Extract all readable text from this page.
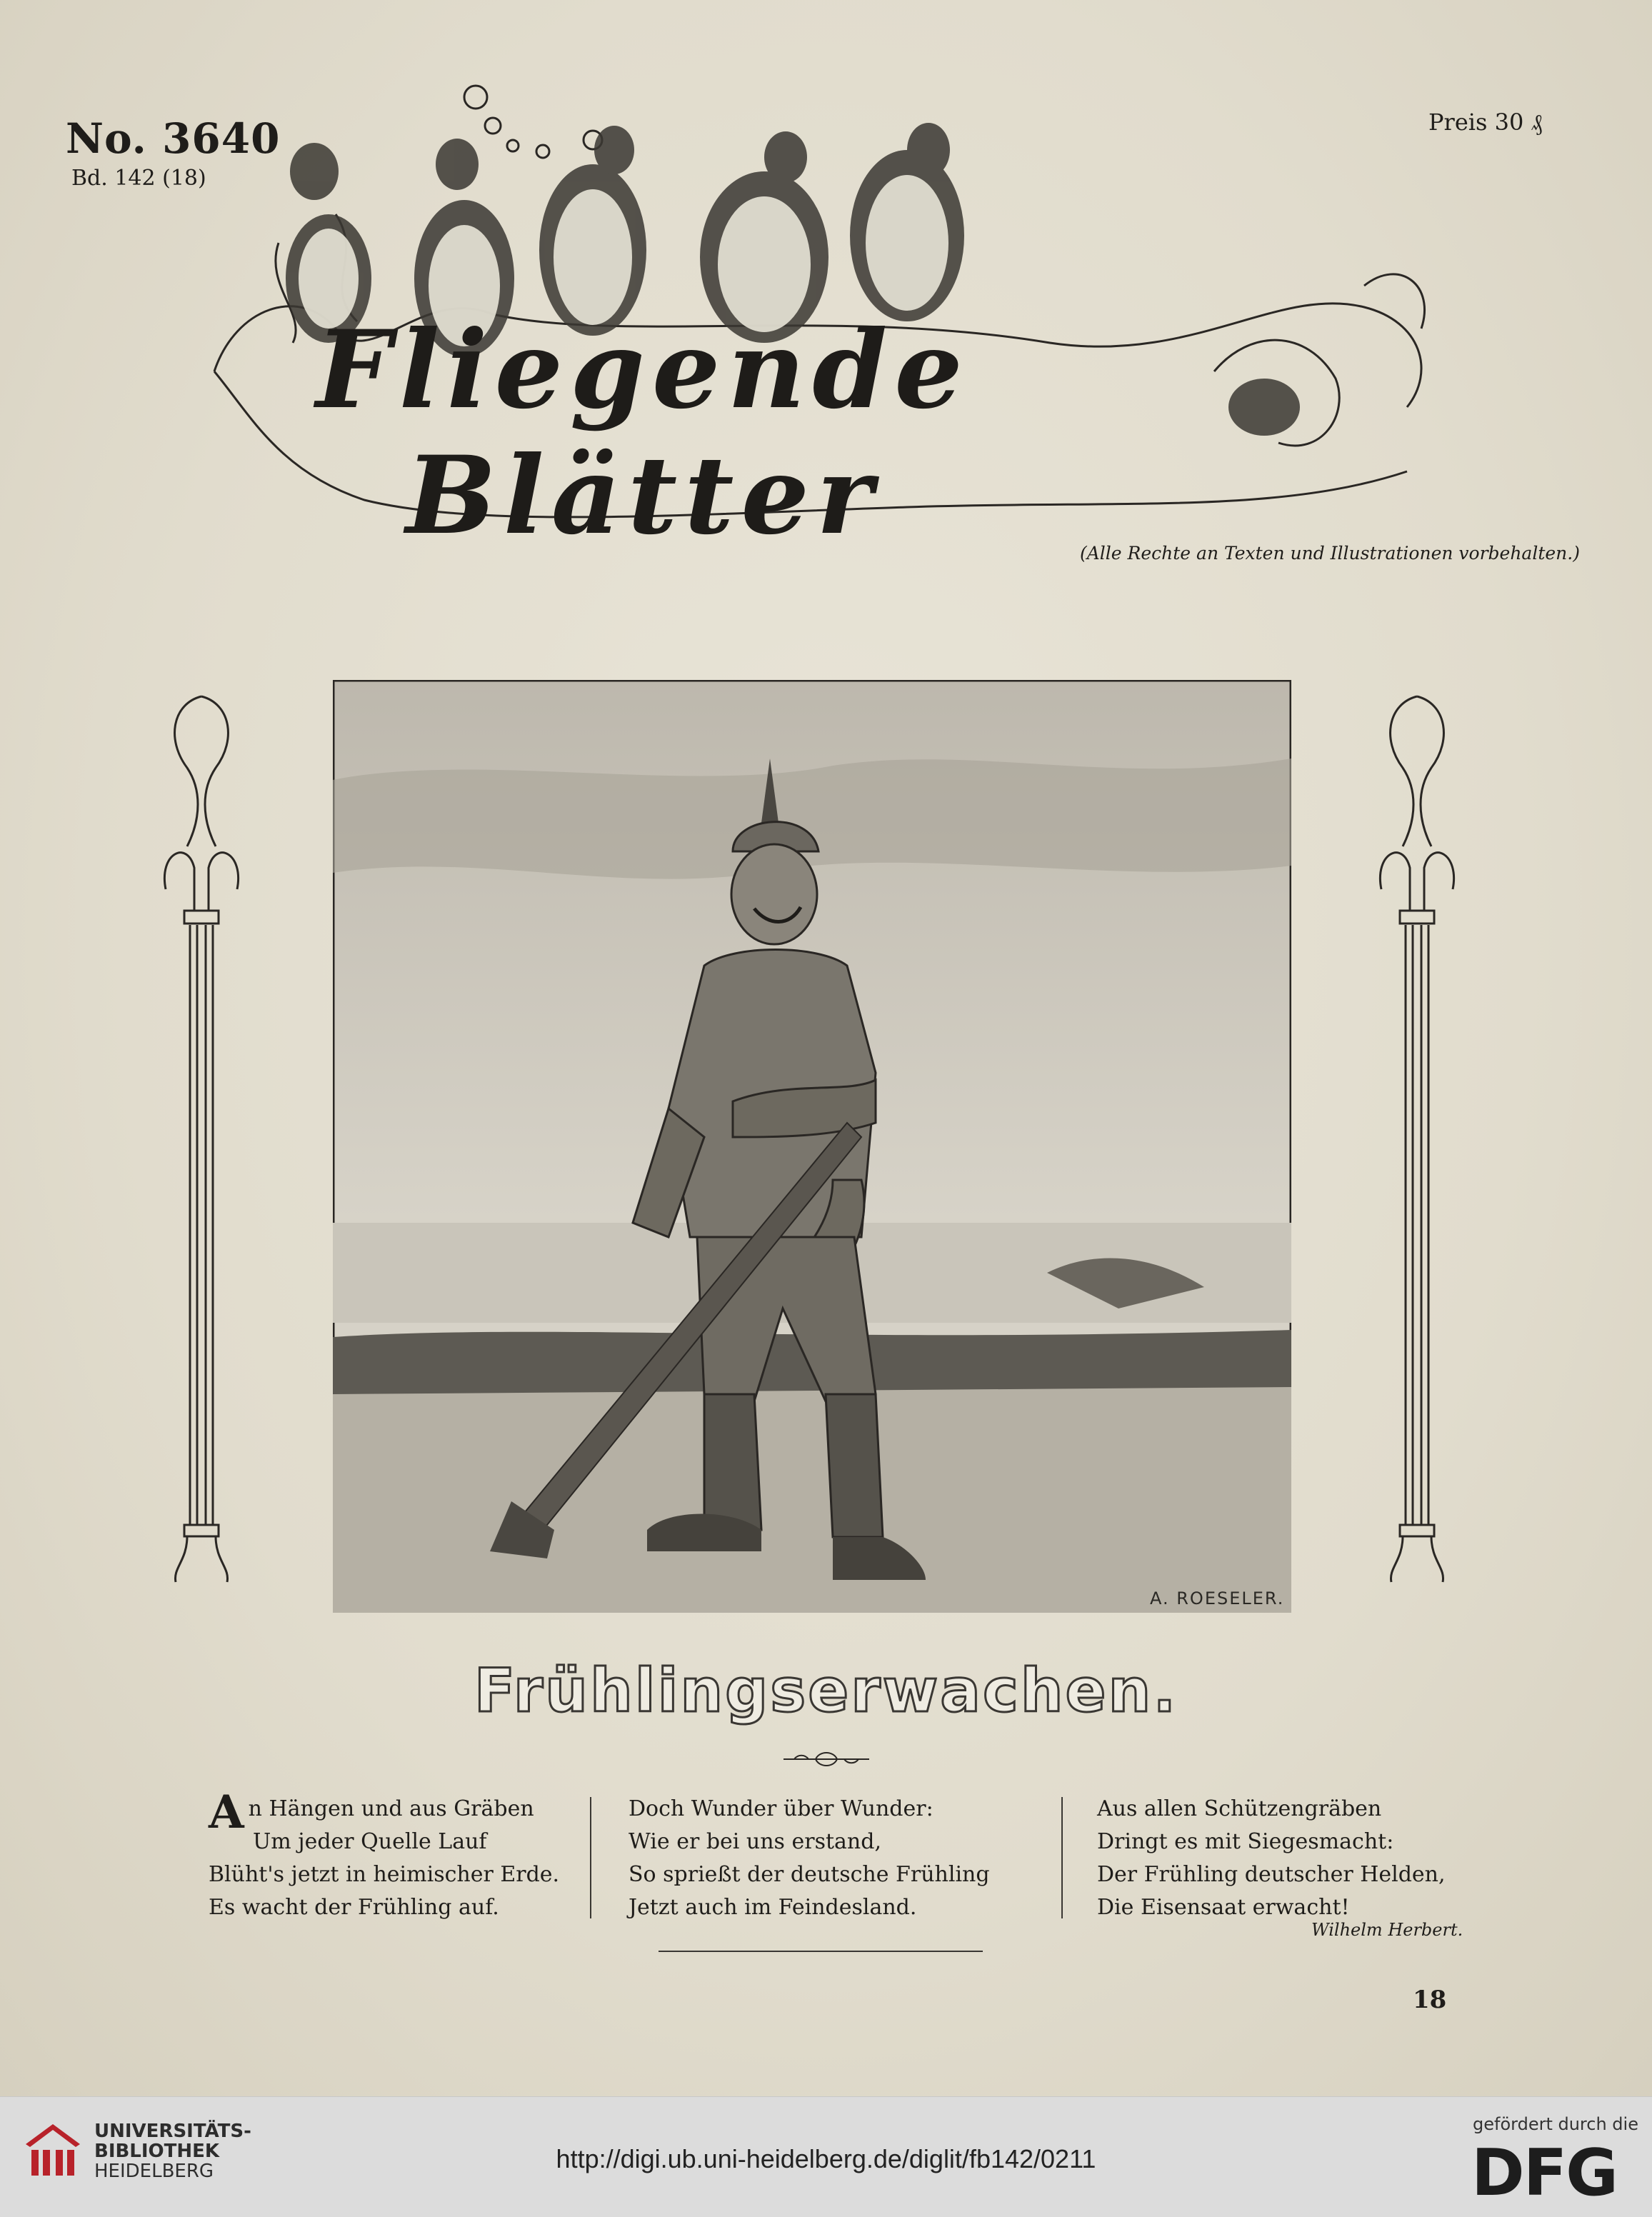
No. 3640
Bd. 142 (18)
Preis 30 ₰
Fliegende Blätter	(Alle Rechte an Texten und Illustrationen vorbehalten.)
A. ROESELER.
Frühlingserwachen.
An Hängen und aus Gräben
Um jeder Quelle Lauf
Blüht's jetzt in heimischer Erde.
Es wacht der Frühling auf.
Doch Wunder über Wunder:
Wie er bei uns erstand,
So sprießt der deutsche Frühling
Jetzt auch im Feindesland.
Aus allen Schützengräben
Dringt es mit Siegesmacht:
Der Frühling deutscher Helden,
Die Eisensaat erwacht!
Wilhelm Herbert.
18
UNIVERSITÄTS-
BIBLIOTHEK
HEIDELBERG	http://digi.ub.uni-heidelberg.de/diglit/fb142/0211
gefördert durch die
DFG
